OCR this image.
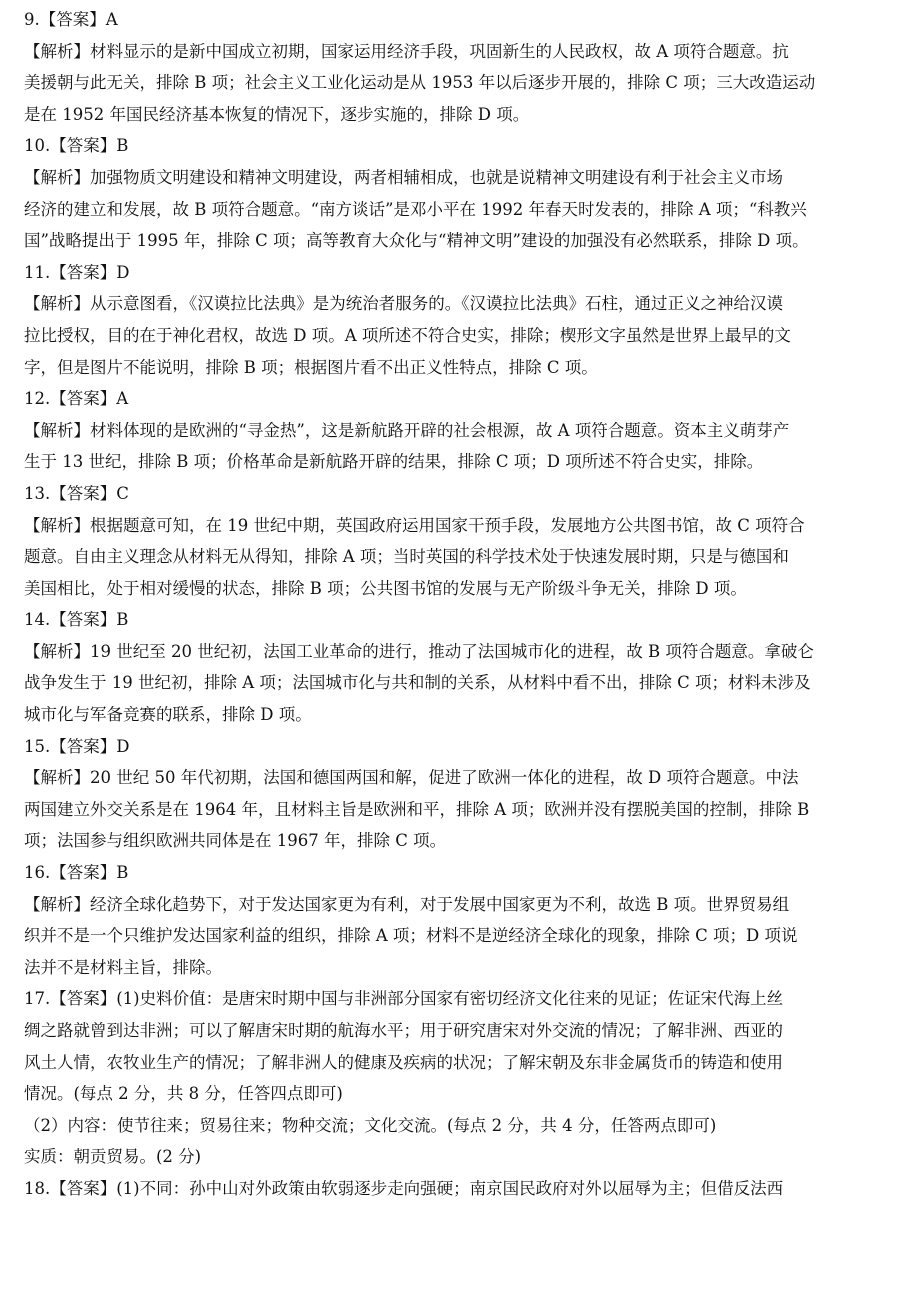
9.【答案】A

【解析】材料显示的是新中国成立初期，国家运用经济手段，巩固新生的人民政权，故 A 项符合题意。抗

美援朝与此无关，排除 B 项；社会主义工业化运动是从 1953 年以后逐步开展的，排除 C 项；三大改造运动

是在 1952 年国民经济基本恢复的情况下，逐步实施的，排除 D 项。

10.【答案】B

【解析】加强物质文明建设和精神文明建设，两者相辅相成，也就是说精神文明建设有利于社会主义市场

经济的建立和发展，故 B 项符合题意。“南方谈话”是邓小平在 1992 年春天时发表的，排除 A 项；“科教兴

国”战略提出于 1995 年，排除 C 项；高等教育大众化与“精神文明”建设的加强没有必然联系，排除 D 项。

11.【答案】D

【解析】从示意图看，《汉谟拉比法典》是为统治者服务的。《汉谟拉比法典》石柱，通过正义之神给汉谟

拉比授权，目的在于神化君权，故选 D 项。A 项所述不符合史实，排除；楔形文字虽然是世界上最早的文

字，但是图片不能说明，排除 B 项；根据图片看不出正义性特点，排除 C 项。

12.【答案】A

【解析】材料体现的是欧洲的“寻金热”，这是新航路开辟的社会根源，故 A 项符合题意。资本主义萌芽产

生于 13 世纪，排除 B 项；价格革命是新航路开辟的结果，排除 C 项；D 项所述不符合史实，排除。

13.【答案】C

【解析】根据题意可知，在 19 世纪中期，英国政府运用国家干预手段，发展地方公共图书馆，故 C 项符合

题意。自由主义理念从材料无从得知，排除 A 项；当时英国的科学技术处于快速发展时期，只是与德国和

美国相比，处于相对缓慢的状态，排除 B 项；公共图书馆的发展与无产阶级斗争无关，排除 D 项。

14.【答案】B

【解析】19 世纪至 20 世纪初，法国工业革命的进行，推动了法国城市化的进程，故 B 项符合题意。拿破仑

战争发生于 19 世纪初，排除 A 项；法国城市化与共和制的关系，从材料中看不出，排除 C 项；材料未涉及

城市化与军备竞赛的联系，排除 D 项。

15.【答案】D

【解析】20 世纪 50 年代初期，法国和德国两国和解，促进了欧洲一体化的进程，故 D 项符合题意。中法

两国建立外交关系是在 1964 年，且材料主旨是欧洲和平，排除 A 项；欧洲并没有摆脱美国的控制，排除 B

项；法国参与组织欧洲共同体是在 1967 年，排除 C 项。

16.【答案】B

【解析】经济全球化趋势下，对于发达国家更为有利，对于发展中国家更为不利，故选 B 项。世界贸易组

织并不是一个只维护发达国家利益的组织，排除 A 项；材料不是逆经济全球化的现象，排除 C 项；D 项说

法并不是材料主旨，排除。

17.【答案】(1)史料价值：是唐宋时期中国与非洲部分国家有密切经济文化往来的见证；佐证宋代海上丝

绸之路就曾到达非洲；可以了解唐宋时期的航海水平；用于研究唐宋对外交流的情况；了解非洲、西亚的

风土人情，农牧业生产的情况；了解非洲人的健康及疾病的状况；了解宋朝及东非金属货币的铸造和使用

情况。(每点 2 分，共 8 分，任答四点即可)

（2）内容：使节往来；贸易往来；物种交流；文化交流。(每点 2 分，共 4 分，任答两点即可)

实质：朝贡贸易。(2 分)

18.【答案】(1)不同：孙中山对外政策由软弱逐步走向强硬；南京国民政府对外以屈辱为主；但借反法西
